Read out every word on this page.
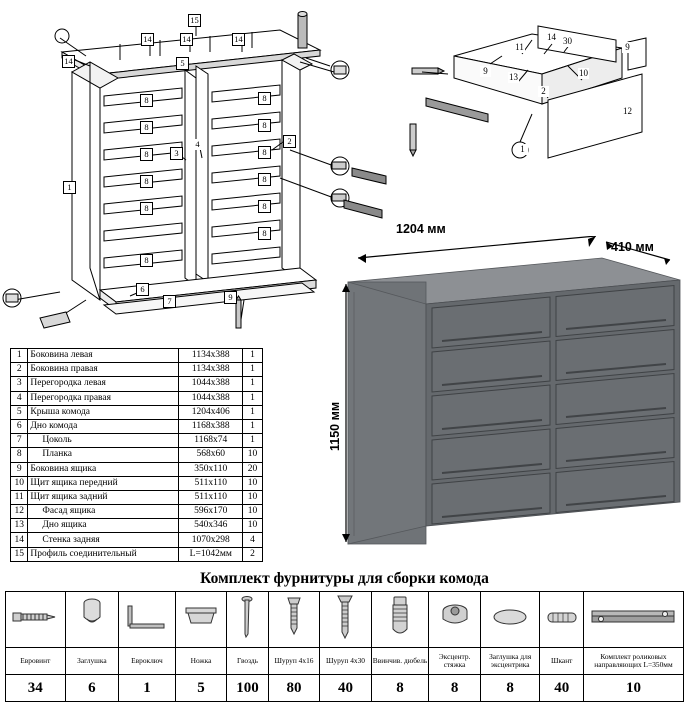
15
14	14	14
14	5
8
8
8
8
8
8
8
8
8
8
8
8
1
2
3
4
6
7	9
11
14 30
9
9
13	10
2
12
1
1	Боковина левая	1134x388	1
2	Боковина правая	1134x388	1
3	Перегородка левая	1044x388	1
4	Перегородка правая	1044x388	1
5	Крыша комода	1204x406	1
6	Дно комода	1168x388	1
7	Цоколь	1168x74	1
8	Планка	568x60	10
9	Боковина ящика	350x110	20
10	Щит ящика передний	511x110	10
11	Щит ящика задний	511x110	10
12	Фасад ящика	596x170	10
13	Дно ящика	540x346	10
14	Стенка задняя	1070x298	4
15	Профиль соединительный	L=1042мм	2
1204 мм
410 мм
1150 мм
Комплект фурнитуры для сборки комода

Евровинт	Заглушка	Евроключ	Ножка	Гвоздь	Шуруп 4x16	Шуруп 4x30	Ввинчив. дюбель	Эксцентр. стяжка	Заглушка для эксцентрика	Шкант	Комплект роликовых направляющих L=350мм
34	6	1	5	100	80	40	8	8	8	40	10
